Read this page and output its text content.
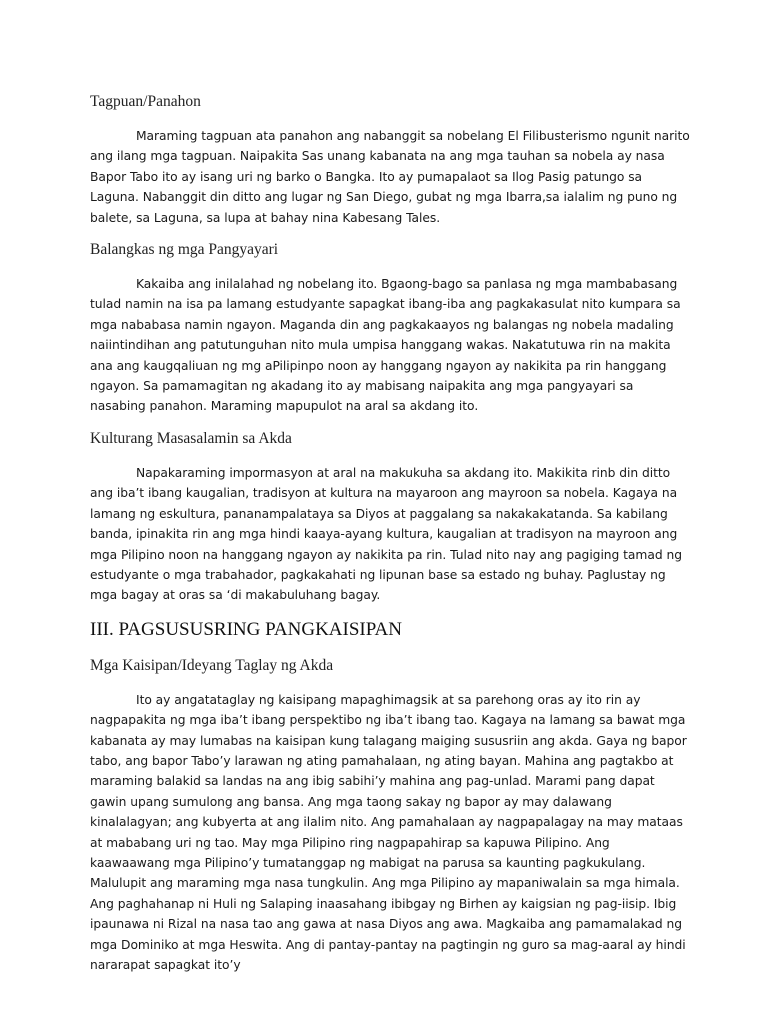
Tagpuan/Panahon

Maraming tagpuan ata panahon ang nabanggit sa nobelang El Filibusterismo ngunit narito ang ilang mga tagpuan. Naipakita Sas unang kabanata na ang mga tauhan sa nobela ay nasa Bapor Tabo ito ay isang uri ng barko o Bangka. Ito ay pumapalaot sa Ilog Pasig patungo sa Laguna. Nabanggit din ditto ang lugar ng San Diego, gubat ng mga Ibarra,sa ialalim ng puno ng balete, sa Laguna, sa lupa at bahay nina Kabesang Tales.

Balangkas ng mga Pangyayari

Kakaiba ang inilalahad ng nobelang ito. Bgaong-bago sa panlasa ng mga mambabasang tulad namin na isa pa lamang estudyante sapagkat ibang-iba ang pagkakasulat nito kumpara sa mga nababasa namin ngayon. Maganda din ang pagkakaayos ng balangas ng nobela madaling naiintindihan ang patutunguhan nito mula umpisa hanggang wakas. Nakatutuwa rin na makita ana ang kaugqaliuan ng mg aPilipinpo noon ay hanggang ngayon ay nakikita pa rin hanggang ngayon. Sa pamamagitan ng akadang ito ay mabisang naipakita ang mga pangyayari sa nasabing panahon. Maraming mapupulot na aral sa akdang ito.

Kulturang Masasalamin sa Akda

Napakaraming impormasyon at aral na makukuha sa akdang ito. Makikita rinb din ditto ang iba’t ibang kaugalian, tradisyon at kultura na mayaroon ang mayroon sa nobela. Kagaya na lamang ng eskultura, pananampalataya sa Diyos at paggalang sa nakakakatanda. Sa kabilang banda, ipinakita rin ang mga hindi kaaya-ayang kultura, kaugalian at tradisyon na mayroon ang mga Pilipino noon na hanggang ngayon ay nakikita pa rin. Tulad nito nay ang pagiging tamad ng estudyante o mga trabahador, pagkakahati ng lipunan base sa estado ng buhay. Paglustay ng mga bagay at oras sa ‘di makabuluhang bagay.

III. PAGSUSUSRING PANGKAISIPAN

Mga Kaisipan/Ideyang Taglay ng Akda

Ito ay angatataglay ng kaisipang mapaghimagsik at sa parehong oras ay ito rin ay nagpapakita ng mga iba’t ibang perspektibo ng iba’t ibang tao. Kagaya na lamang sa bawat mga kabanata ay may lumabas na kaisipan kung talagang maiging sususriin ang akda. Gaya ng bapor tabo, ang bapor Tabo’y larawan ng ating pamahalaan, ng ating bayan. Mahina ang pagtakbo at maraming balakid sa landas na ang ibig sabihi’y mahina ang pag-unlad. Marami pang dapat gawin upang sumulong ang bansa. Ang mga taong sakay ng bapor ay may dalawang kinalalagyan; ang kubyerta at ang ilalim nito. Ang pamahalaan ay nagpapalagay na may mataas at mababang uri ng tao. May mga Pilipino ring nagpapahirap sa kapuwa Pilipino. Ang kaawaawang mga Pilipino’y tumatanggap ng mabigat na parusa sa kaunting pagkukulang. Malulupit ang maraming mga nasa tungkulin. Ang mga Pilipino ay mapaniwalain sa mga himala. Ang paghahanap ni Huli ng Salaping inaasahang ibibgay ng Birhen ay kaigsian ng pag-iisip. Ibig ipaunawa ni Rizal na nasa tao ang gawa at nasa Diyos ang awa. Magkaiba ang pamamalakad ng mga Dominiko at mga Heswita. Ang di pantay-pantay na pagtingin ng guro sa mag-aaral ay hindi nararapat sapagkat ito’y
